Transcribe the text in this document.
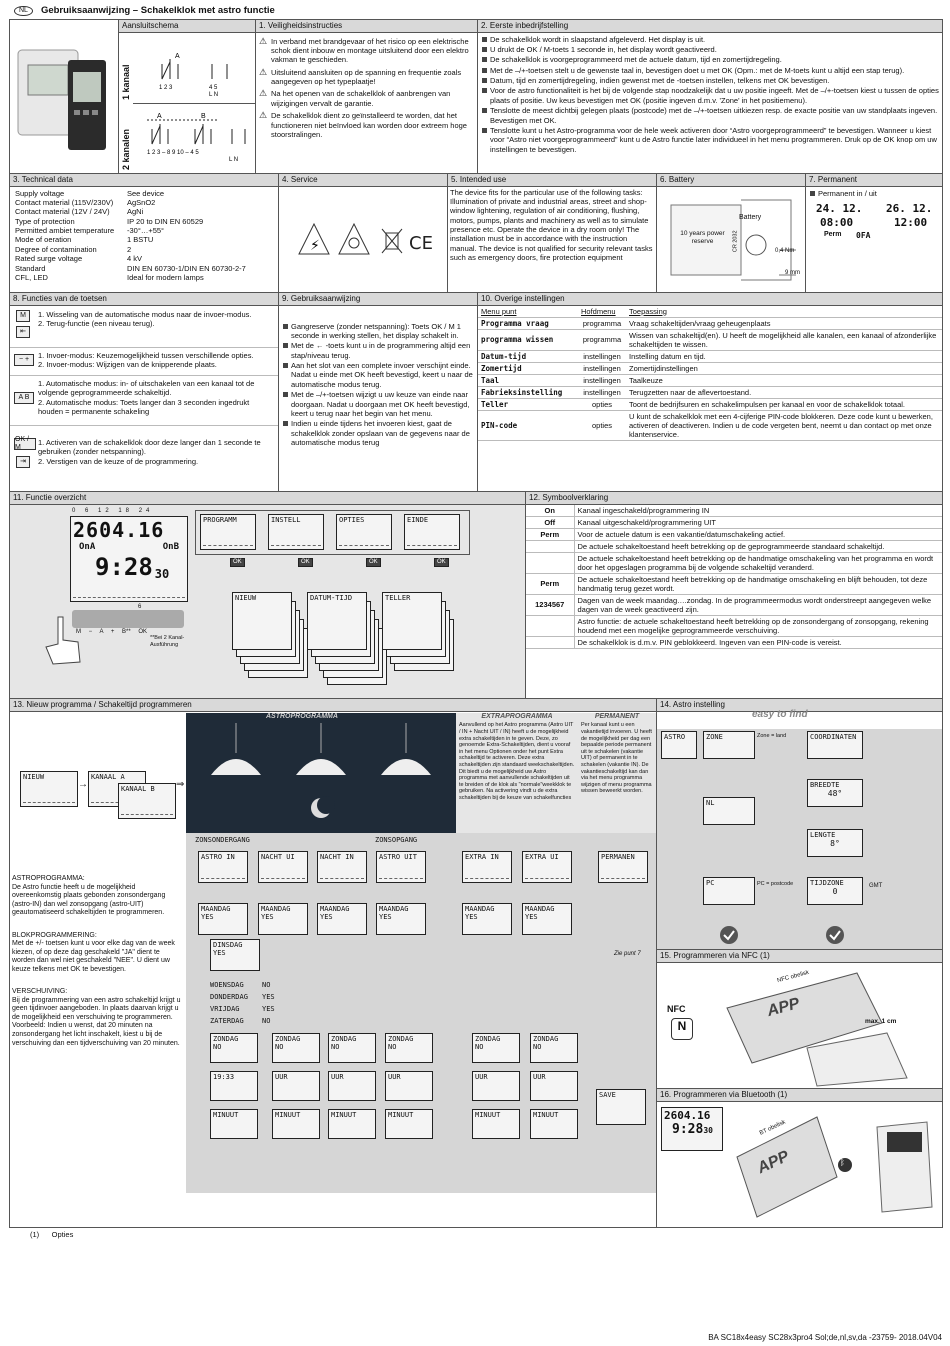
NL	Gebruiksaanwijzing – Schakelklok met astro functie
Aansluitschema
1 kanaal
2 kanalen
A
A	B
1 2 3	4 5
L N
1 2 3 – 8 9 10 – 4 5
L N
1. Veiligheidsinstructies
⚠ In verband met brandgevaar of het risico op een elektrische schok dient inbouw en montage uitsluitend door een elektro vakman te geschieden.
⚠ Uitsluitend aansluiten op de spanning en frequentie zoals aangegeven op het typeplaatje!
⚠ Na het openen van de schakelklok of aanbrengen van wijzigingen vervalt de garantie.
⚠ De schakelklok dient zo geïnstalleerd te worden, dat het functioneren niet beïnvloed kan worden door extreem hoge stoorstralingen.
2. Eerste inbedrijfstelling
De schakelklok wordt in slaapstand afgeleverd. Het display is uit.
U drukt de OK / M-toets 1 seconde in, het display wordt geactiveerd.
De schakelklok is voorgeprogrammeerd met de actuele datum, tijd en zomertijdregeling.
Met de –/+-toetsen stelt u de gewenste taal in, bevestigen doet u met OK (Opm.: met de M-toets kunt u altijd een stap terug).
Datum, tijd en zomertijdregeling, indien gewenst met de -toetsen instellen, telkens met OK bevestigen.
Voor de astro functionaliteit is het bij de volgende stap noodzakelijk dat u uw positie ingeeft. Met de –/+-toetsen kiest u tussen de opties plaats of positie. Uw keus bevestigen met OK (positie ingeven d.m.v. 'Zone' in het positiemenu).
Tenslotte de meest dichtbij gelegen plaats (postcode) met de –/+-toetsen uitkiezen resp. de exacte positie van uw standplaats ingeven. Bevestigen met OK.
Tenslotte kunt u het Astro-programma voor de hele week activeren door “Astro voorgeprogrammeerd” te bevestigen. Wanneer u kiest voor “Astro niet voorgeprogrammeerd” kunt u de Astro functie later individueel in het menu programmeren. Druk op de OK knop om uw instellingen te bevestigen.
3. Technical data
Supply voltage	See device
Contact material (115V/230V)	AgSnO2
Contact material (12V / 24V)	AgNi
Type of protection	IP 20 to DIN EN 60529
Permitted ambiet temperature	-30°…+55°
Mode of oeration	1 BSTU
Degree of contamination	2
Rated surge voltage	4 kV
Standard	DIN EN 60730-1/DIN EN 60730-2-7
CFL, LED	Ideal for modern lamps
4. Service
⚡	CE
5. Intended use
The device fits for the particular use of the following tasks: Illumination of private and industrial areas, street and shop-window lightening, regulation of air conditioning, flushing, motors, pumps, plants and machinery as well as to simulate presence etc. Operate the device in a dry room only! The installation must be in accordance with the instruction manual. The device is not qualified for security relevant tasks such as emergency doors, fire protection equipment
6. Battery
Battery
10 years power reserve	CR 2032	0,4 Nm
9 mm
7. Permanent
Permanent in / uit
24. 12. 26. 12.
08:00	12:00
Perm 0FA
8. Functies van de toetsen
M
⇤
1. Wisseling van de automatische modus naar de invoer-modus.
2. Terug-functie (een niveau terug).
− +	1. Invoer-modus: Keuzemogelijkheid tussen verschillende opties.
2. Invoer-modus: Wijzigen van de knipperende plaats.
A B
1. Automatische modus: in- of uitschakelen van een kanaal tot de volgende geprogrammeerde schakeltijd.
2. Automatische modus: Toets langer dan 3 seconden ingedrukt houden = permanente schakeling
OK / M
⇥
1. Activeren van de schakelklok door deze langer dan 1 seconde te gebruiken (zonder netspanning).
2. Verstigen van de keuze of de programmering.
9. Gebruiksaanwijzing
Gangreserve (zonder netspanning): Toets OK / M 1 seconde in werking stellen, het display schakelt in.
Met de ← -toets kunt u in de programmering altijd een stap/niveau terug.
Aan het slot van een complete invoer verschijnt einde. Nadat u einde met OK heeft bevestigd, keert u naar de automatische modus terug.
Met de –/+-toetsen wijzigt u uw keuze van einde naar doorgaan. Nadat u doorgaan met OK heeft bevestigd, keert u terug naar het begin van het menu.
Indien u einde tijdens het invoeren kiest, gaat de schakelklok zonder opslaan van de gegevens naar de automatische modus terug
10. Overige instellingen
Menu punt	Hofdmenu	Toepassing
Programma vraag	programma	Vraag schakeltijden/vraag geheugenplaats
programma wissen	programma	Wissen van schakeltijd(en). U heeft de mogelijkheid alle kanalen, een kanaal of afzonderlijke schakeltijden te wissen.
Datum-tijd	instellingen	Instelling datum en tijd.
Zomertijd	instellingen	Zomertijdinstellingen
Taal	instellingen	Taalkeuze
Fabrieksinstelling	instellingen	Terugzetten naar de aflevertoestand.
Teller	opties	Toont de bedrijfsuren en schakelimpulsen per kanaal en voor de schakelklok totaal.
PIN-code	opties	U kunt de schakelklok met een 4-cijferige PIN-code blokkeren. Deze code kunt u bewerken, activeren of deactiveren. Indien u de code vergeten bent, neemt u dan contact op met onze klantenservice.
11. Functie overzicht
0 6 12 18 24
2604.16
OnA	OnB
9:28 30
6
M − A + B** OK
**Bei 2 Kanal-Ausführung
PROGRAMM
OK
INSTELL
OK
OPTIES
OK
EINDE
OK
NIEUW	DATUM-TIJD	TELLER
12. Symboolverklaring
On	Kanaal ingeschakeld/programmering IN
Off	Kanaal uitgeschakeld/programmering UIT
Perm	Voor de actuele datum is een vakantie/datumschakeling actief.
	De actuele schakeltoestand heeft betrekking op de geprogrammeerde standaard schakeltijd.
	De actuele schakeltoestand heeft betrekking op de handmatige omschakeling van het programma en wordt door het opgeslagen programma bij de volgende schakeltijd veranderd.
Perm	De actuele schakeltoestand heeft betrekking op de handmatige omschakeling en blijft behouden, tot deze handmatig terug gezet wordt.
1234567	Dagen van de week maandag….zondag. In de programmeermodus wordt onderstreept aangegeven welke dagen van de week geactiveerd zijn.
	Astro functie: de actuele schakeltoestand heeft betrekking op de zonsondergang of zonsopgang, rekening houdend met een mogelijke geprogrammeerde verschuiving.
	De schakelklok is d.m.v. PIN geblokkeerd. Ingeven van een PIN-code is vereist.
13. Nieuw programma / Schakeltijd programmeren
ASTROPROGRAMMA	EXTRAPROGRAMMA
Aanvullend op het Astro programma (Astro UIT / IN + Nacht UIT / IN) heeft u de mogelijkheid extra schakeltijden in te geven. Deze, zo genoemde Extra-Schakeltijden, dient u vooraf in het menu Optionen onder het punt Extra schakeltijd te activeren. Deze extra schakeltijden zijn standaard weekschakeltijden. Dit biedt u de mogelijkheid uw Astro programma met aanvullende schakeltijden uit te breiden of de klok als "normale"weekklok te gebruiken. Na activering vindt u de extra schakeltijden bij de keuze van schakelfuncties
PERMANENT
Per kanaal kunt u een vakantietijd invoeren. U heeft de mogelijkheid per dag een bepaalde periode permanent uit te schakelen (vakantie UIT) of permanent in te schakelen (vakantie IN). De vakantieschakeltijd kan dan via het menu programma wijzigen of menu programma wissen beweerkt worden.
ZONSONDERGANG	ZONSOPGANG
NIEUW	KANAAL A
KANAAL B
→	⇒
ASTROPROGRAMMA:
De Astro functie heeft u de mogelijkheid overeenkomstig plaats gebonden zonsondergang (astro-IN) dan wel zonsopgang (astro-UIT) geautomatiseerd schakeltijden te programmeren.
BLOKPROGRAMMERING:
Met de +/- toetsen kunt u voor elke dag van de week kiezen, of op deze dag geschakeld "JA" dient te worden dan wel niet geschakeld "NEE". U dient uw keuze telkens met OK te bevestigen.
VERSCHUIVING:
Bij de programmering van een astro schakeltijd krijgt u geen tijdinvoer aangeboden. In plaats daarvan krijgt u de mogelijkheid een verschuiving te programmeren. Voorbeeld: Indien u wenst, dat 20 minuten na zonsondergang het licht inschakelt, kiest u bij de verschuiving dan een tijdverschuiving van 20 minuten.
ASTRO IN	NACHT UI	NACHT IN	ASTRO UIT	EXTRA IN	EXTRA UI	PERMANEN
MAANDAG
YES
MAANDAG
YES
MAANDAG
YES
MAANDAG
YES
MAANDAG
YES
MAANDAG
YES
DINSDAG
YES
WOENSDAG	NO
DONDERDAG YES
VRIJDAG	YES
ZATERDAG	NO
ZONDAG
NO
19:33
MINUUT
ZONDAG
NO
UUR
MINUUT
ZONDAG
NO
UUR
MINUUT
ZONDAG
NO
UUR
MINUUT
ZONDAG
NO
UUR
MINUUT
ZONDAG
NO
UUR
MINUUT
SAVE
Zie punt 7
14. Astro instelling
easy to find
ASTRO	ZONE	Zone = land	COORDINATEN
NL
BREEDTE
48°
LENGTE
8°
PC	PC = postcode TIJDZONE
0
GMT
15. Programmeren via NFC (1)
NFC
N
NFC obelisk
APP
max. 1 cm
16. Programmeren via Bluetooth (1)
2604.16
9:2830	BT obelisk
APP	ᛒ
(1)      Opties
BA SC18x4easy SC28x3pro4 Sol;de,nl,sv,da -23759- 2018.04V04
